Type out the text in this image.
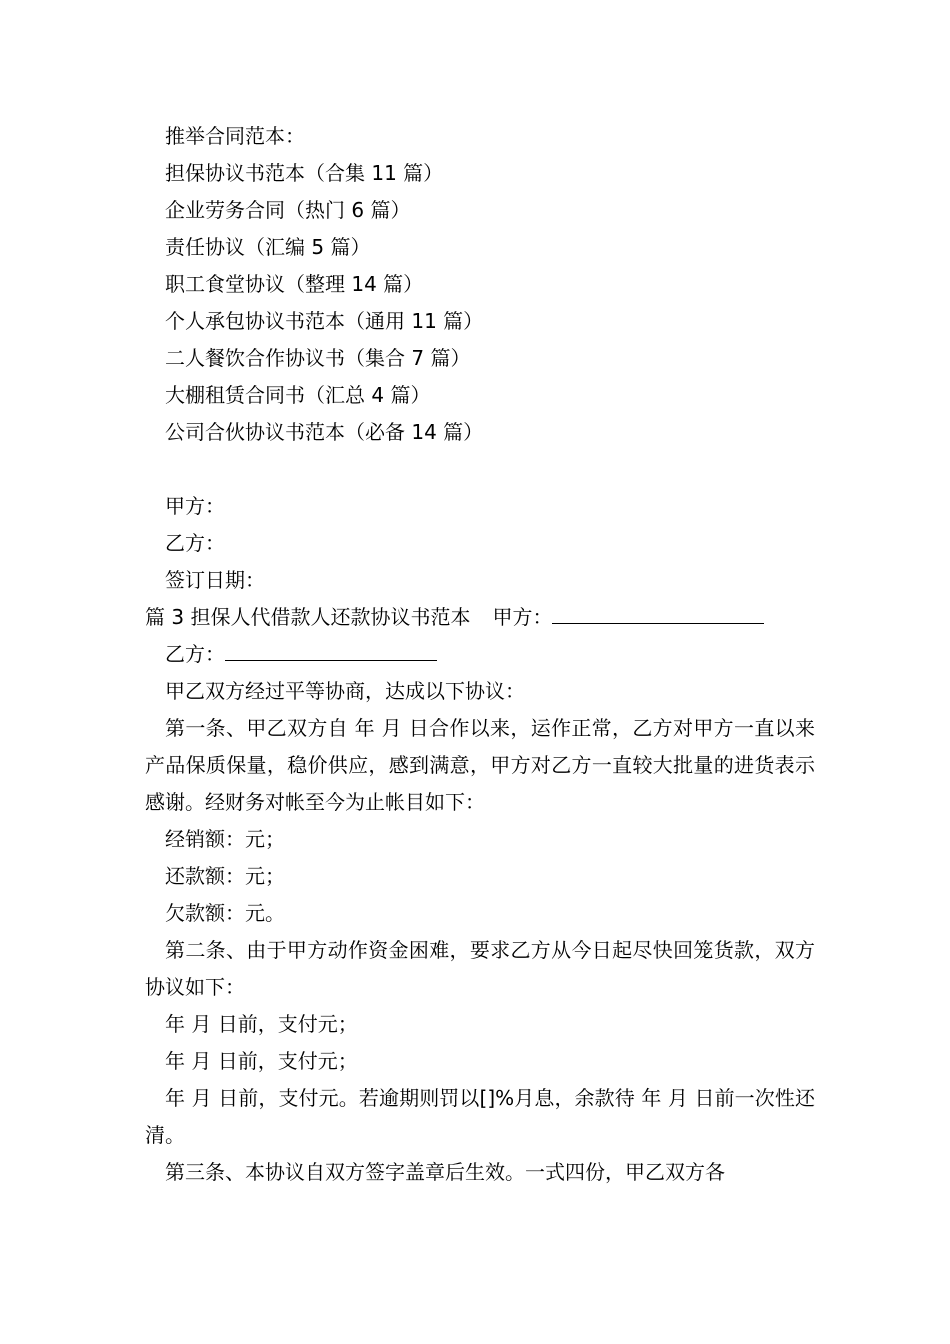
推举合同范本：
担保协议书范本（合集 11 篇）
企业劳务合同（热门 6 篇）
责任协议（汇编 5 篇）
职工食堂协议（整理 14 篇）
个人承包协议书范本（通用 11 篇）
二人餐饮合作协议书（集合 7 篇）
大棚租赁合同书（汇总 4 篇）
公司合伙协议书范本（必备 14 篇）
甲方：
乙方：
签订日期：
篇 3 担保人代借款人还款协议书范本 甲方：
乙方：
甲乙双方经过平等协商，达成以下协议：
第一条、甲乙双方自 年 月 日合作以来，运作正常，乙方对甲方一直以来产品保质保量，稳价供应，感到满意，甲方对乙方一直较大批量的进货表示感谢。经财务对帐至今为止帐目如下：
经销额：元；
还款额：元；
欠款额：元。
第二条、由于甲方动作资金困难，要求乙方从今日起尽快回笼货款，双方协议如下：
年 月 日前，支付元；
年 月 日前，支付元；
年 月 日前，支付元。若逾期则罚以[]%月息，余款待 年 月 日前一次性还清。
第三条、本协议自双方签字盖章后生效。一式四份，甲乙双方各
